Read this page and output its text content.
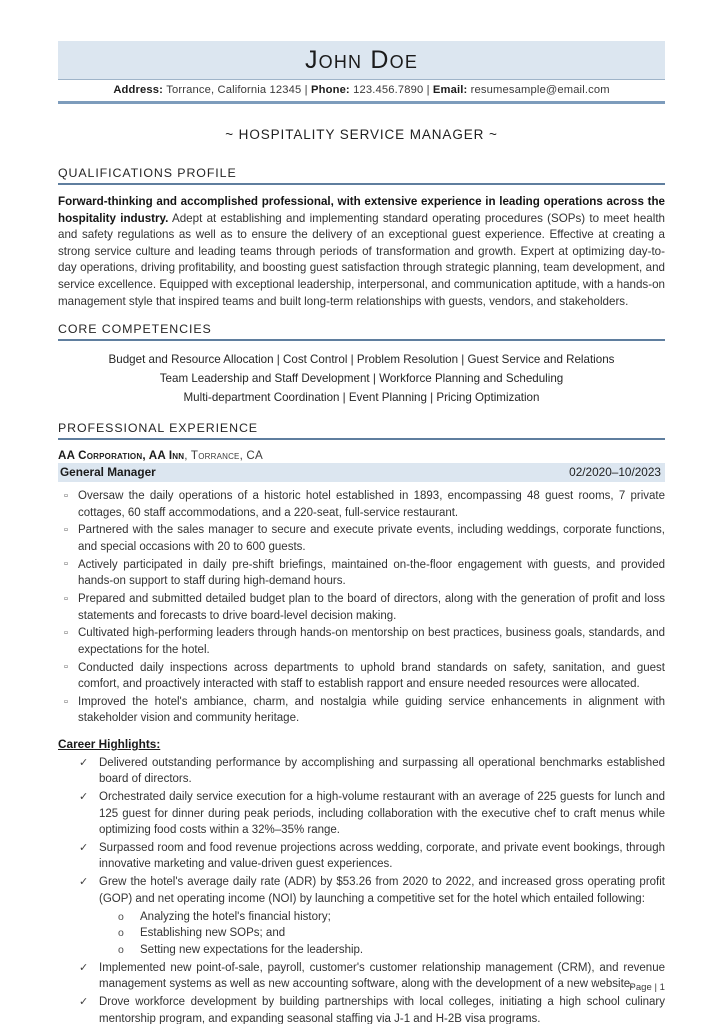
John Doe
Address: Torrance, California 12345 | Phone: 123.456.7890 | Email: resumesample@email.com
~ HOSPITALITY SERVICE MANAGER ~
QUALIFICATIONS PROFILE

Forward-thinking and accomplished professional, with extensive experience in leading operations across the hospitality industry. Adept at establishing and implementing standard operating procedures (SOPs) to meet health and safety regulations as well as to ensure the delivery of an exceptional guest experience. Effective at creating a strong service culture and leading teams through periods of transformation and growth. Expert at optimizing day-to-day operations, driving profitability, and boosting guest satisfaction through strategic planning, team development, and service excellence. Equipped with exceptional leadership, interpersonal, and communication aptitude, with a hands-on management style that inspired teams and built long-term relationships with guests, vendors, and stakeholders.

CORE COMPETENCIES
Budget and Resource Allocation | Cost Control | Problem Resolution | Guest Service and Relations
Team Leadership and Staff Development | Workforce Planning and Scheduling
Multi-department Coordination | Event Planning | Pricing Optimization
PROFESSIONAL EXPERIENCE
AA Corporation, AA Inn, Torrance, CA
General Manager	02/2020–10/2023
▫ Oversaw the daily operations of a historic hotel established in 1893, encompassing 48 guest rooms, 7 private cottages, 60 staff accommodations, and a 220-seat, full-service restaurant.
▫ Partnered with the sales manager to secure and execute private events, including weddings, corporate functions, and special occasions with 20 to 600 guests.
▫ Actively participated in daily pre-shift briefings, maintained on-the-floor engagement with guests, and provided hands-on support to staff during high-demand hours.
▫ Prepared and submitted detailed budget plan to the board of directors, along with the generation of profit and loss statements and forecasts to drive board-level decision making.
▫ Cultivated high-performing leaders through hands-on mentorship on best practices, business goals, standards, and expectations for the hotel.
▫ Conducted daily inspections across departments to uphold brand standards on safety, sanitation, and guest comfort, and proactively interacted with staff to establish rapport and ensure needed resources were allocated.
▫ Improved the hotel's ambiance, charm, and nostalgia while guiding service enhancements in alignment with stakeholder vision and community heritage.
Career Highlights:
✓ Delivered outstanding performance by accomplishing and surpassing all operational benchmarks established board of directors.
✓ Orchestrated daily service execution for a high-volume restaurant with an average of 225 guests for lunch and 125 guest for dinner during peak periods, including collaboration with the executive chef to craft menus while optimizing food costs within a 32%–35% range.
✓ Surpassed room and food revenue projections across wedding, corporate, and private event bookings, through innovative marketing and value-driven guest experiences.
✓ Grew the hotel's average daily rate (ADR) by $53.26 from 2020 to 2022, and increased gross operating profit (GOP) and net operating income (NOI) by launching a competitive set for the hotel which entailed following:
o Analyzing the hotel's financial history;
o Establishing new SOPs; and
o Setting new expectations for the leadership.
✓ Implemented new point-of-sale, payroll, customer's customer relationship management (CRM), and revenue management systems as well as new accounting software, along with the development of a new website.
✓ Drove workforce development by building partnerships with local colleges, initiating a high school culinary mentorship program, and expanding seasonal staffing via J-1 and H-2B visa programs.
Page | 1
